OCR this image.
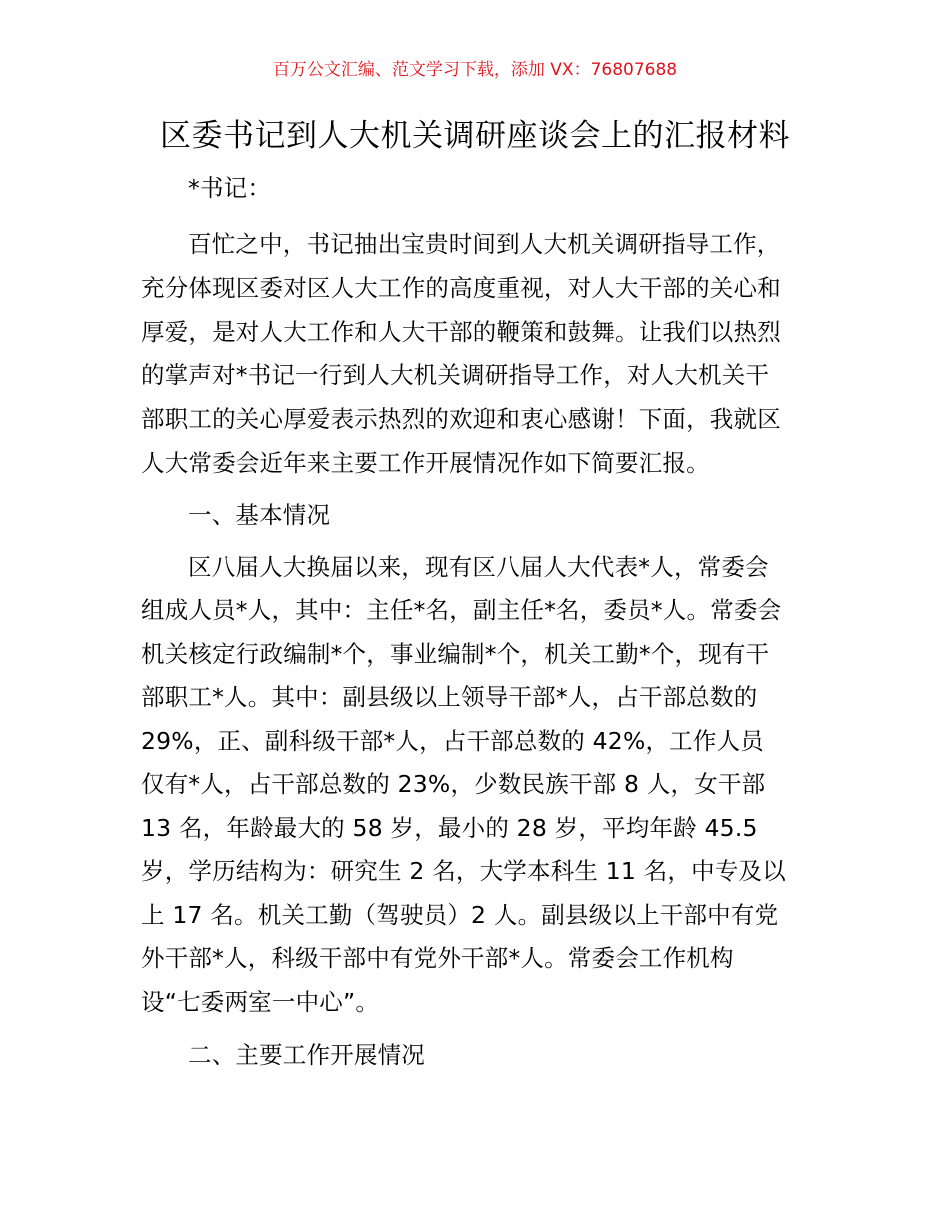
百万公文汇编、范文学习下载，添加 VX：76807688
区委书记到人大机关调研座谈会上的汇报材料
*书记：
百忙之中，书记抽出宝贵时间到人大机关调研指导工作，
充分体现区委对区人大工作的高度重视，对人大干部的关心和
厚爱，是对人大工作和人大干部的鞭策和鼓舞。让我们以热烈
的掌声对*书记一行到人大机关调研指导工作，对人大机关干
部职工的关心厚爱表示热烈的欢迎和衷心感谢！下面，我就区
人大常委会近年来主要工作开展情况作如下简要汇报。
一、基本情况
区八届人大换届以来，现有区八届人大代表*人，常委会
组成人员*人，其中：主任*名，副主任*名，委员*人。常委会
机关核定行政编制*个，事业编制*个，机关工勤*个，现有干
部职工*人。其中：副县级以上领导干部*人，占干部总数的
29%，正、副科级干部*人，占干部总数的 42%，工作人员
仅有*人，占干部总数的 23%，少数民族干部 8 人，女干部
13 名，年龄最大的 58 岁，最小的 28 岁，平均年龄 45.5
岁，学历结构为：研究生 2 名，大学本科生 11 名，中专及以
上 17 名。机关工勤（驾驶员）2 人。副县级以上干部中有党
外干部*人，科级干部中有党外干部*人。常委会工作机构
设“七委两室一中心”。
二、主要工作开展情况
